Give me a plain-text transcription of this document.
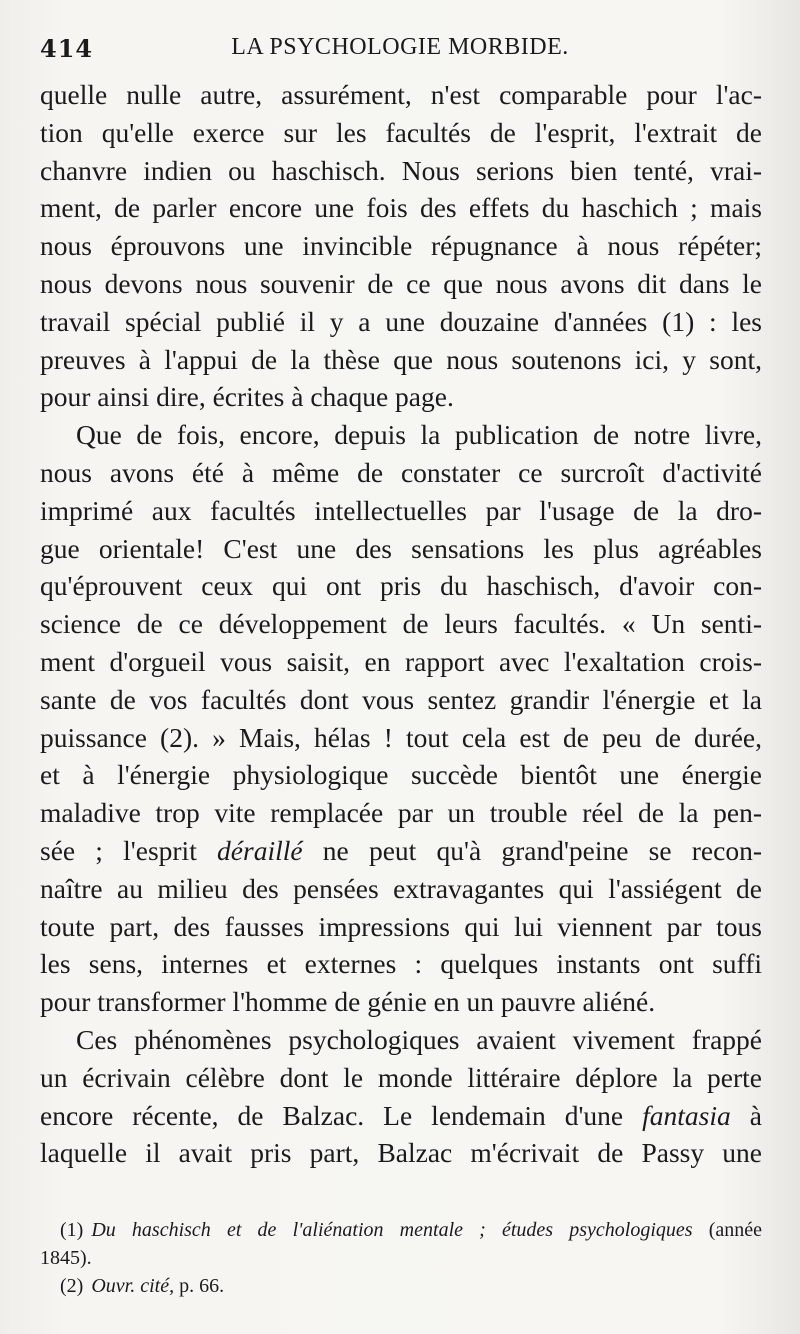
414	LA PSYCHOLOGIE MORBIDE.
quelle nulle autre, assurément, n'est comparable pour l'ac-
tion qu'elle exerce sur les facultés de l'esprit, l'extrait de
chanvre indien ou haschisch. Nous serions bien tenté, vrai-
ment, de parler encore une fois des effets du haschich ; mais
nous éprouvons une invincible répugnance à nous répéter;
nous devons nous souvenir de ce que nous avons dit dans le
travail spécial publié il y a une douzaine d'années (1) : les
preuves à l'appui de la thèse que nous soutenons ici, y sont,
pour ainsi dire, écrites à chaque page.
Que de fois, encore, depuis la publication de notre livre,
nous avons été à même de constater ce surcroît d'activité
imprimé aux facultés intellectuelles par l'usage de la dro-
gue orientale! C'est une des sensations les plus agréables
qu'éprouvent ceux qui ont pris du haschisch, d'avoir con-
science de ce développement de leurs facultés. « Un senti-
ment d'orgueil vous saisit, en rapport avec l'exaltation crois-
sante de vos facultés dont vous sentez grandir l'énergie et la
puissance (2). » Mais, hélas ! tout cela est de peu de durée,
et à l'énergie physiologique succède bientôt une énergie
maladive trop vite remplacée par un trouble réel de la pen-
sée ; l'esprit déraillé ne peut qu'à grand'peine se recon-
naître au milieu des pensées extravagantes qui l'assiégent de
toute part, des fausses impressions qui lui viennent par tous
les sens, internes et externes : quelques instants ont suffi
pour transformer l'homme de génie en un pauvre aliéné.
Ces phénomènes psychologiques avaient vivement frappé
un écrivain célèbre dont le monde littéraire déplore la perte
encore récente, de Balzac. Le lendemain d'une fantasia à
laquelle il avait pris part, Balzac m'écrivait de Passy une
(1) Du haschisch et de l'aliénation mentale ; études psychologiques (année
1845).
(2) Ouvr. cité, p. 66.
